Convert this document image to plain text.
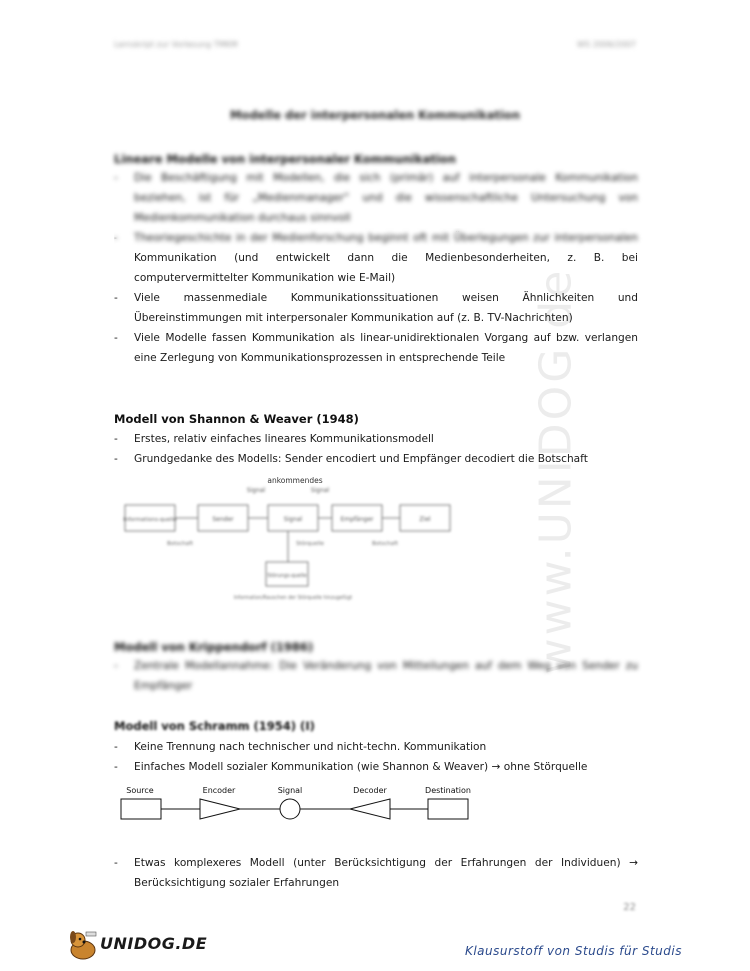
www.UNIDOG.de
Lernskript zur Vorlesung TMKM	WS 2006/2007
Modelle der interpersonalen Kommunikation
Lineare Modelle von interpersonaler Kommunikation
- Die Beschäftigung mit Modellen, die sich (primär) auf interpersonale Kommunikation beziehen, ist für „Medienmanager“ und die wissenschaftliche Untersuchung von Medienkommunikation durchaus sinnvoll
- Theoriegeschichte in der Medienforschung beginnt oft mit Überlegungen zur interpersonalen Kommunikation (und entwickelt dann die Medienbesonderheiten, z. B. bei computervermittelter Kommunikation wie E-Mail)
- Viele massenmediale Kommunikationssituationen weisen Ähnlichkeiten und Übereinstimmungen mit interpersonaler Kommunikation auf (z. B. TV-Nachrichten)
- Viele Modelle fassen Kommunikation als linear-unidirektionalen Vorgang auf bzw. verlangen eine Zerlegung von Kommunikationsprozessen in entsprechende Teile
Modell von Shannon & Weaver (1948)
- Erstes, relativ einfaches lineares Kommunikationsmodell
- Grundgedanke des Modells: Sender encodiert und Empfänger decodiert die Botschaft
ankommendes
Signal	Signal
Informations-quelle	Sender	Signal	Empfänger	Ziel
Botschaft	Störquelle	Botschaft
Störungs-quelle
Information/Rauschen der Störquelle hinzugefügt
Modell von Krippendorf (1986)
- Zentrale Modellannahme: Die Veränderung von Mitteilungen auf dem Weg von Sender zu Empfänger
Modell von Schramm (1954) (I)
- Keine Trennung nach technischer und nicht-techn. Kommunikation
- Einfaches Modell sozialer Kommunikation (wie Shannon & Weaver) → ohne Störquelle
Source	Encoder	Signal	Decoder	Destination
- Etwas komplexeres Modell (unter Berücksichtigung der Erfahrungen der Individuen) → Berücksichtigung sozialer Erfahrungen
22
UNIDOG.DE	Klausurstoff von Studis für Studis
